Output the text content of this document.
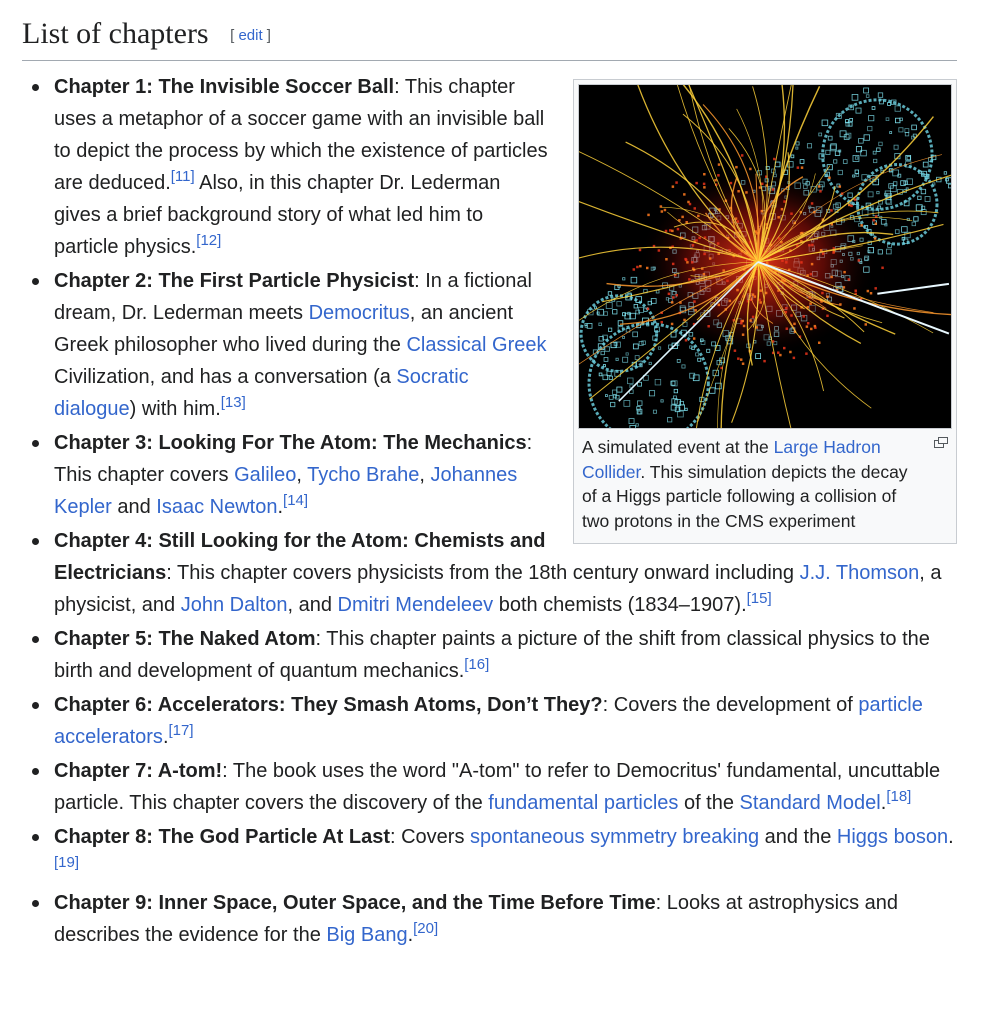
List of chapters [ edit ]
A simulated event at the Large Hadron Collider. This simulation depicts the decay of a Higgs particle following a collision of two protons in the CMS experiment
Chapter 1: The Invisible Soccer Ball: This chapter uses a metaphor of a soccer game with an invisible ball to depict the process by which the existence of particles are deduced.[11] Also, in this chapter Dr. Lederman gives a brief background story of what led him to particle physics.[12]
Chapter 2: The First Particle Physicist: In a fictional dream, Dr. Lederman meets Democritus, an ancient Greek philosopher who lived during the Classical Greek Civilization, and has a conversation (a Socratic dialogue) with him.[13]
Chapter 3: Looking For The Atom: The Mechanics: This chapter covers Galileo, Tycho Brahe, Johannes Kepler and Isaac Newton.[14]
Chapter 4: Still Looking for the Atom: Chemists and Electricians: This chapter covers physicists from the 18th century onward including J.J. Thomson, a physicist, and John Dalton, and Dmitri Mendeleev both chemists (1834–1907).[15]
Chapter 5: The Naked Atom: This chapter paints a picture of the shift from classical physics to the birth and development of quantum mechanics.[16]
Chapter 6: Accelerators: They Smash Atoms, Don’t They?: Covers the development of particle accelerators.[17]
Chapter 7: A-tom!: The book uses the word "A-tom" to refer to Democritus' fundamental, uncuttable particle. This chapter covers the discovery of the fundamental particles of the Standard Model.[18]
Chapter 8: The God Particle At Last: Covers spontaneous symmetry breaking and the Higgs boson.[19]
Chapter 9: Inner Space, Outer Space, and the Time Before Time: Looks at astrophysics and describes the evidence for the Big Bang.[20]
